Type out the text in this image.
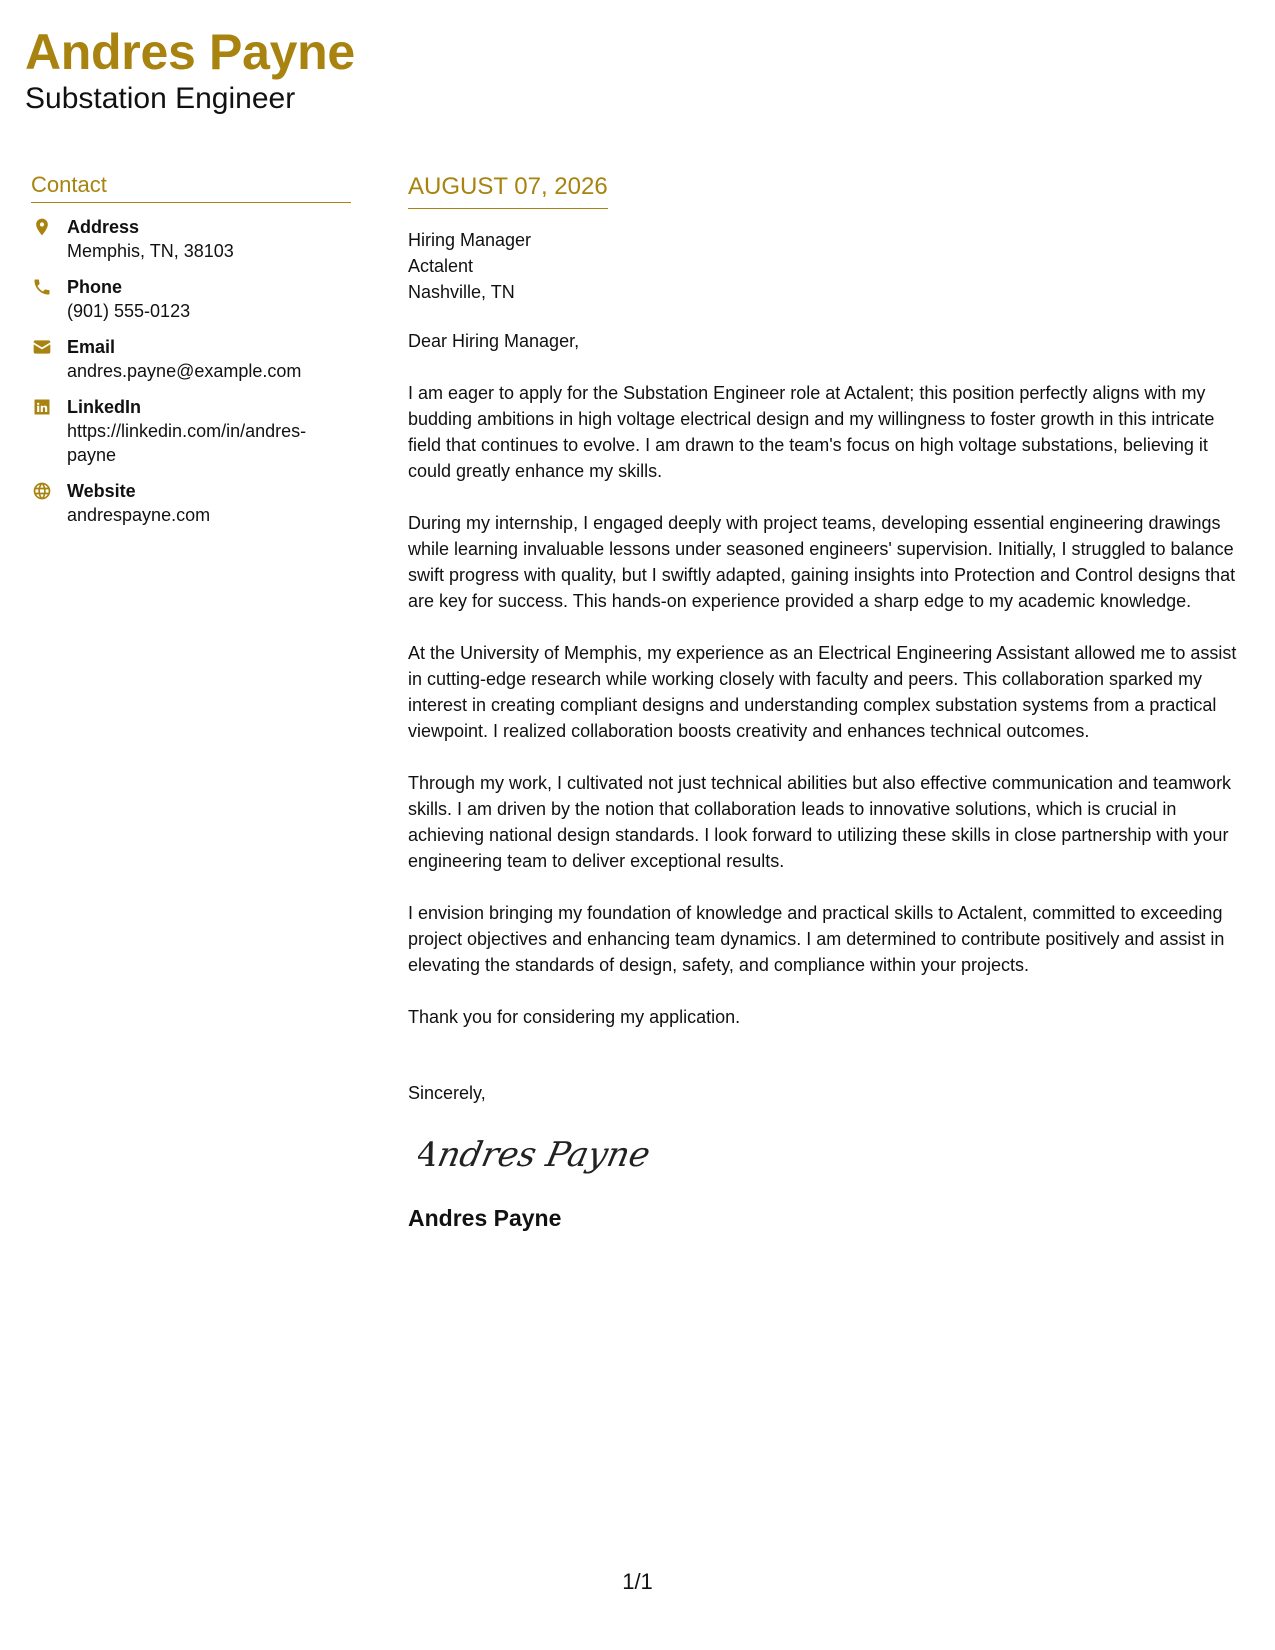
Andres Payne
Substation Engineer
Contact
Address
Memphis, TN, 38103
Phone
(901) 555-0123
Email
andres.payne@example.com
LinkedIn
https://linkedin.com/in/andres-payne
Website
andrespayne.com
AUGUST 07, 2026
Hiring Manager
Actalent
Nashville, TN
Dear Hiring Manager,
I am eager to apply for the Substation Engineer role at Actalent; this position perfectly aligns with my budding ambitions in high voltage electrical design and my willingness to foster growth in this intricate field that continues to evolve. I am drawn to the team's focus on high voltage substations, believing it could greatly enhance my skills.
During my internship, I engaged deeply with project teams, developing essential engineering drawings while learning invaluable lessons under seasoned engineers' supervision. Initially, I struggled to balance swift progress with quality, but I swiftly adapted, gaining insights into Protection and Control designs that are key for success. This hands-on experience provided a sharp edge to my academic knowledge.
At the University of Memphis, my experience as an Electrical Engineering Assistant allowed me to assist in cutting-edge research while working closely with faculty and peers. This collaboration sparked my interest in creating compliant designs and understanding complex substation systems from a practical viewpoint. I realized collaboration boosts creativity and enhances technical outcomes.
Through my work, I cultivated not just technical abilities but also effective communication and teamwork skills. I am driven by the notion that collaboration leads to innovative solutions, which is crucial in achieving national design standards. I look forward to utilizing these skills in close partnership with your engineering team to deliver exceptional results.
I envision bringing my foundation of knowledge and practical skills to Actalent, committed to exceeding project objectives and enhancing team dynamics. I am determined to contribute positively and assist in elevating the standards of design, safety, and compliance within your projects.
Thank you for considering my application.
Sincerely,
Andres Payne
Andres Payne
1/1
